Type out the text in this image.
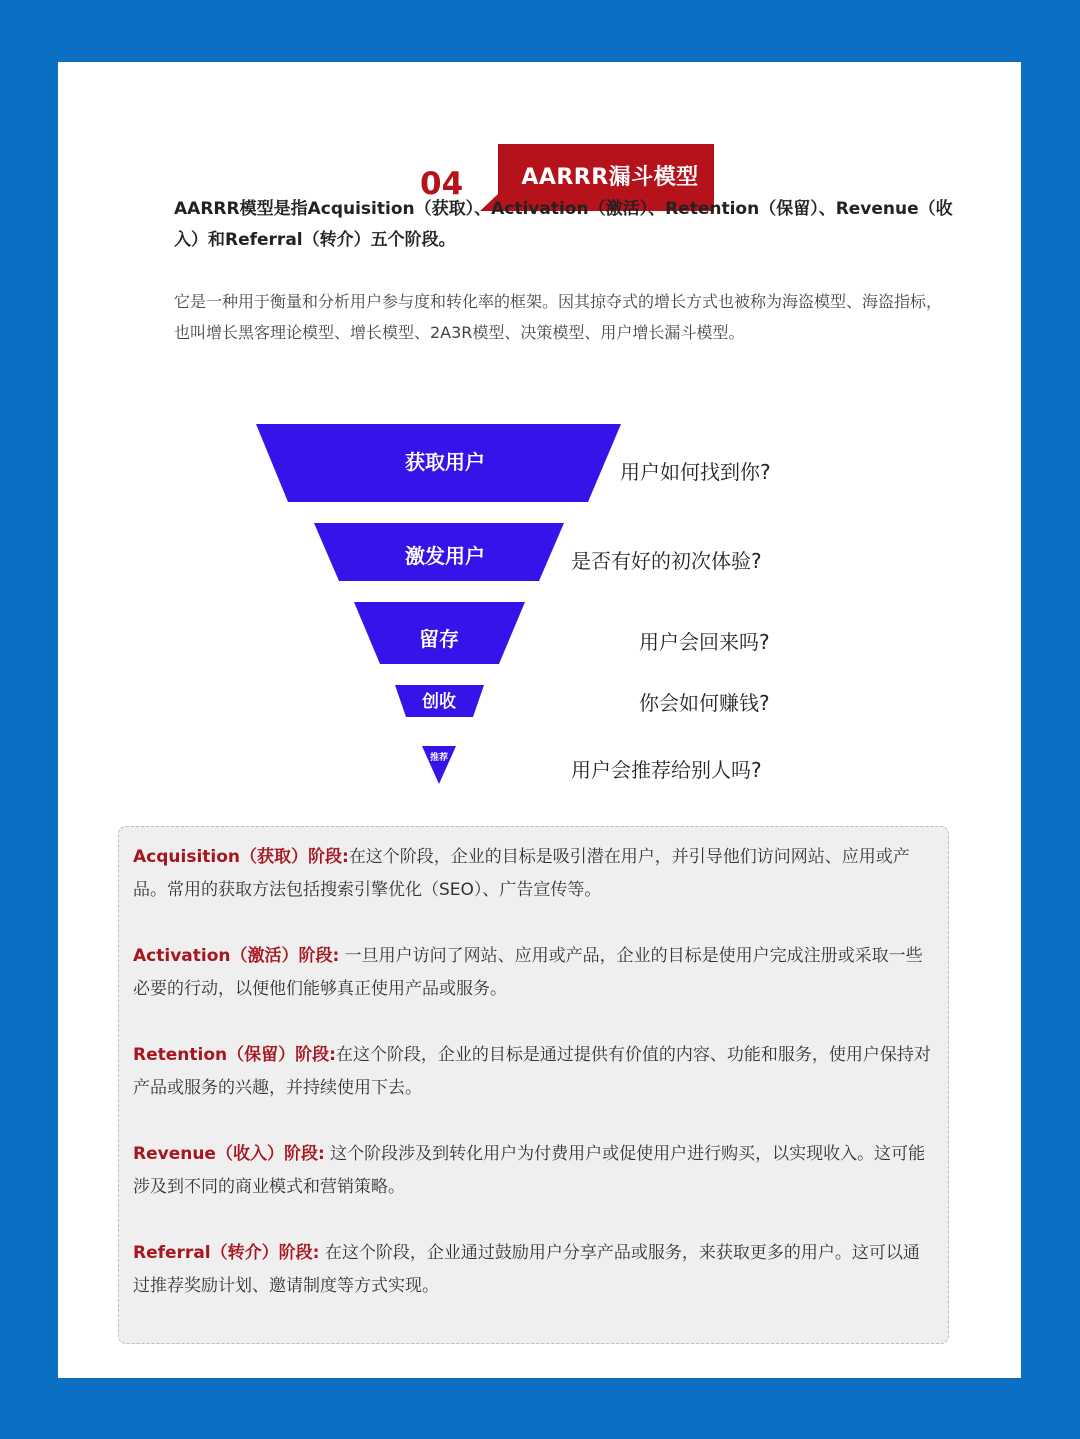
04	AARRR漏斗模型
AARRR模型是指Acquisition（获取）、Activation（激活）、Retention（保留）、Revenue（收入）和Referral（转介）五个阶段。
它是一种用于衡量和分析用户参与度和转化率的框架。因其掠夺式的增长方式也被称为海盗模型、海盗指标，也叫增长黑客理论模型、增长模型、2A3R模型、决策模型、用户增长漏斗模型。
获取用户
激发用户
留存
创收
推荐
用户如何找到你?
是否有好的初次体验?
用户会回来吗?
你会如何赚钱?
用户会推荐给别人吗?

Acquisition（获取）阶段:在这个阶段，企业的目标是吸引潜在用户，并引导他们访问网站、应用或产品。常用的获取方法包括搜索引擎优化（SEO）、广告宣传等。

Activation（激活）阶段: 一旦用户访问了网站、应用或产品，企业的目标是使用户完成注册或采取一些必要的行动，以便他们能够真正使用产品或服务。

Retention（保留）阶段:在这个阶段，企业的目标是通过提供有价值的内容、功能和服务，使用户保持对产品或服务的兴趣，并持续使用下去。

Revenue（收入）阶段: 这个阶段涉及到转化用户为付费用户或促使用户进行购买，以实现收入。这可能涉及到不同的商业模式和营销策略。

Referral（转介）阶段: 在这个阶段，企业通过鼓励用户分享产品或服务，来获取更多的用户。这可以通过推荐奖励计划、邀请制度等方式实现。
